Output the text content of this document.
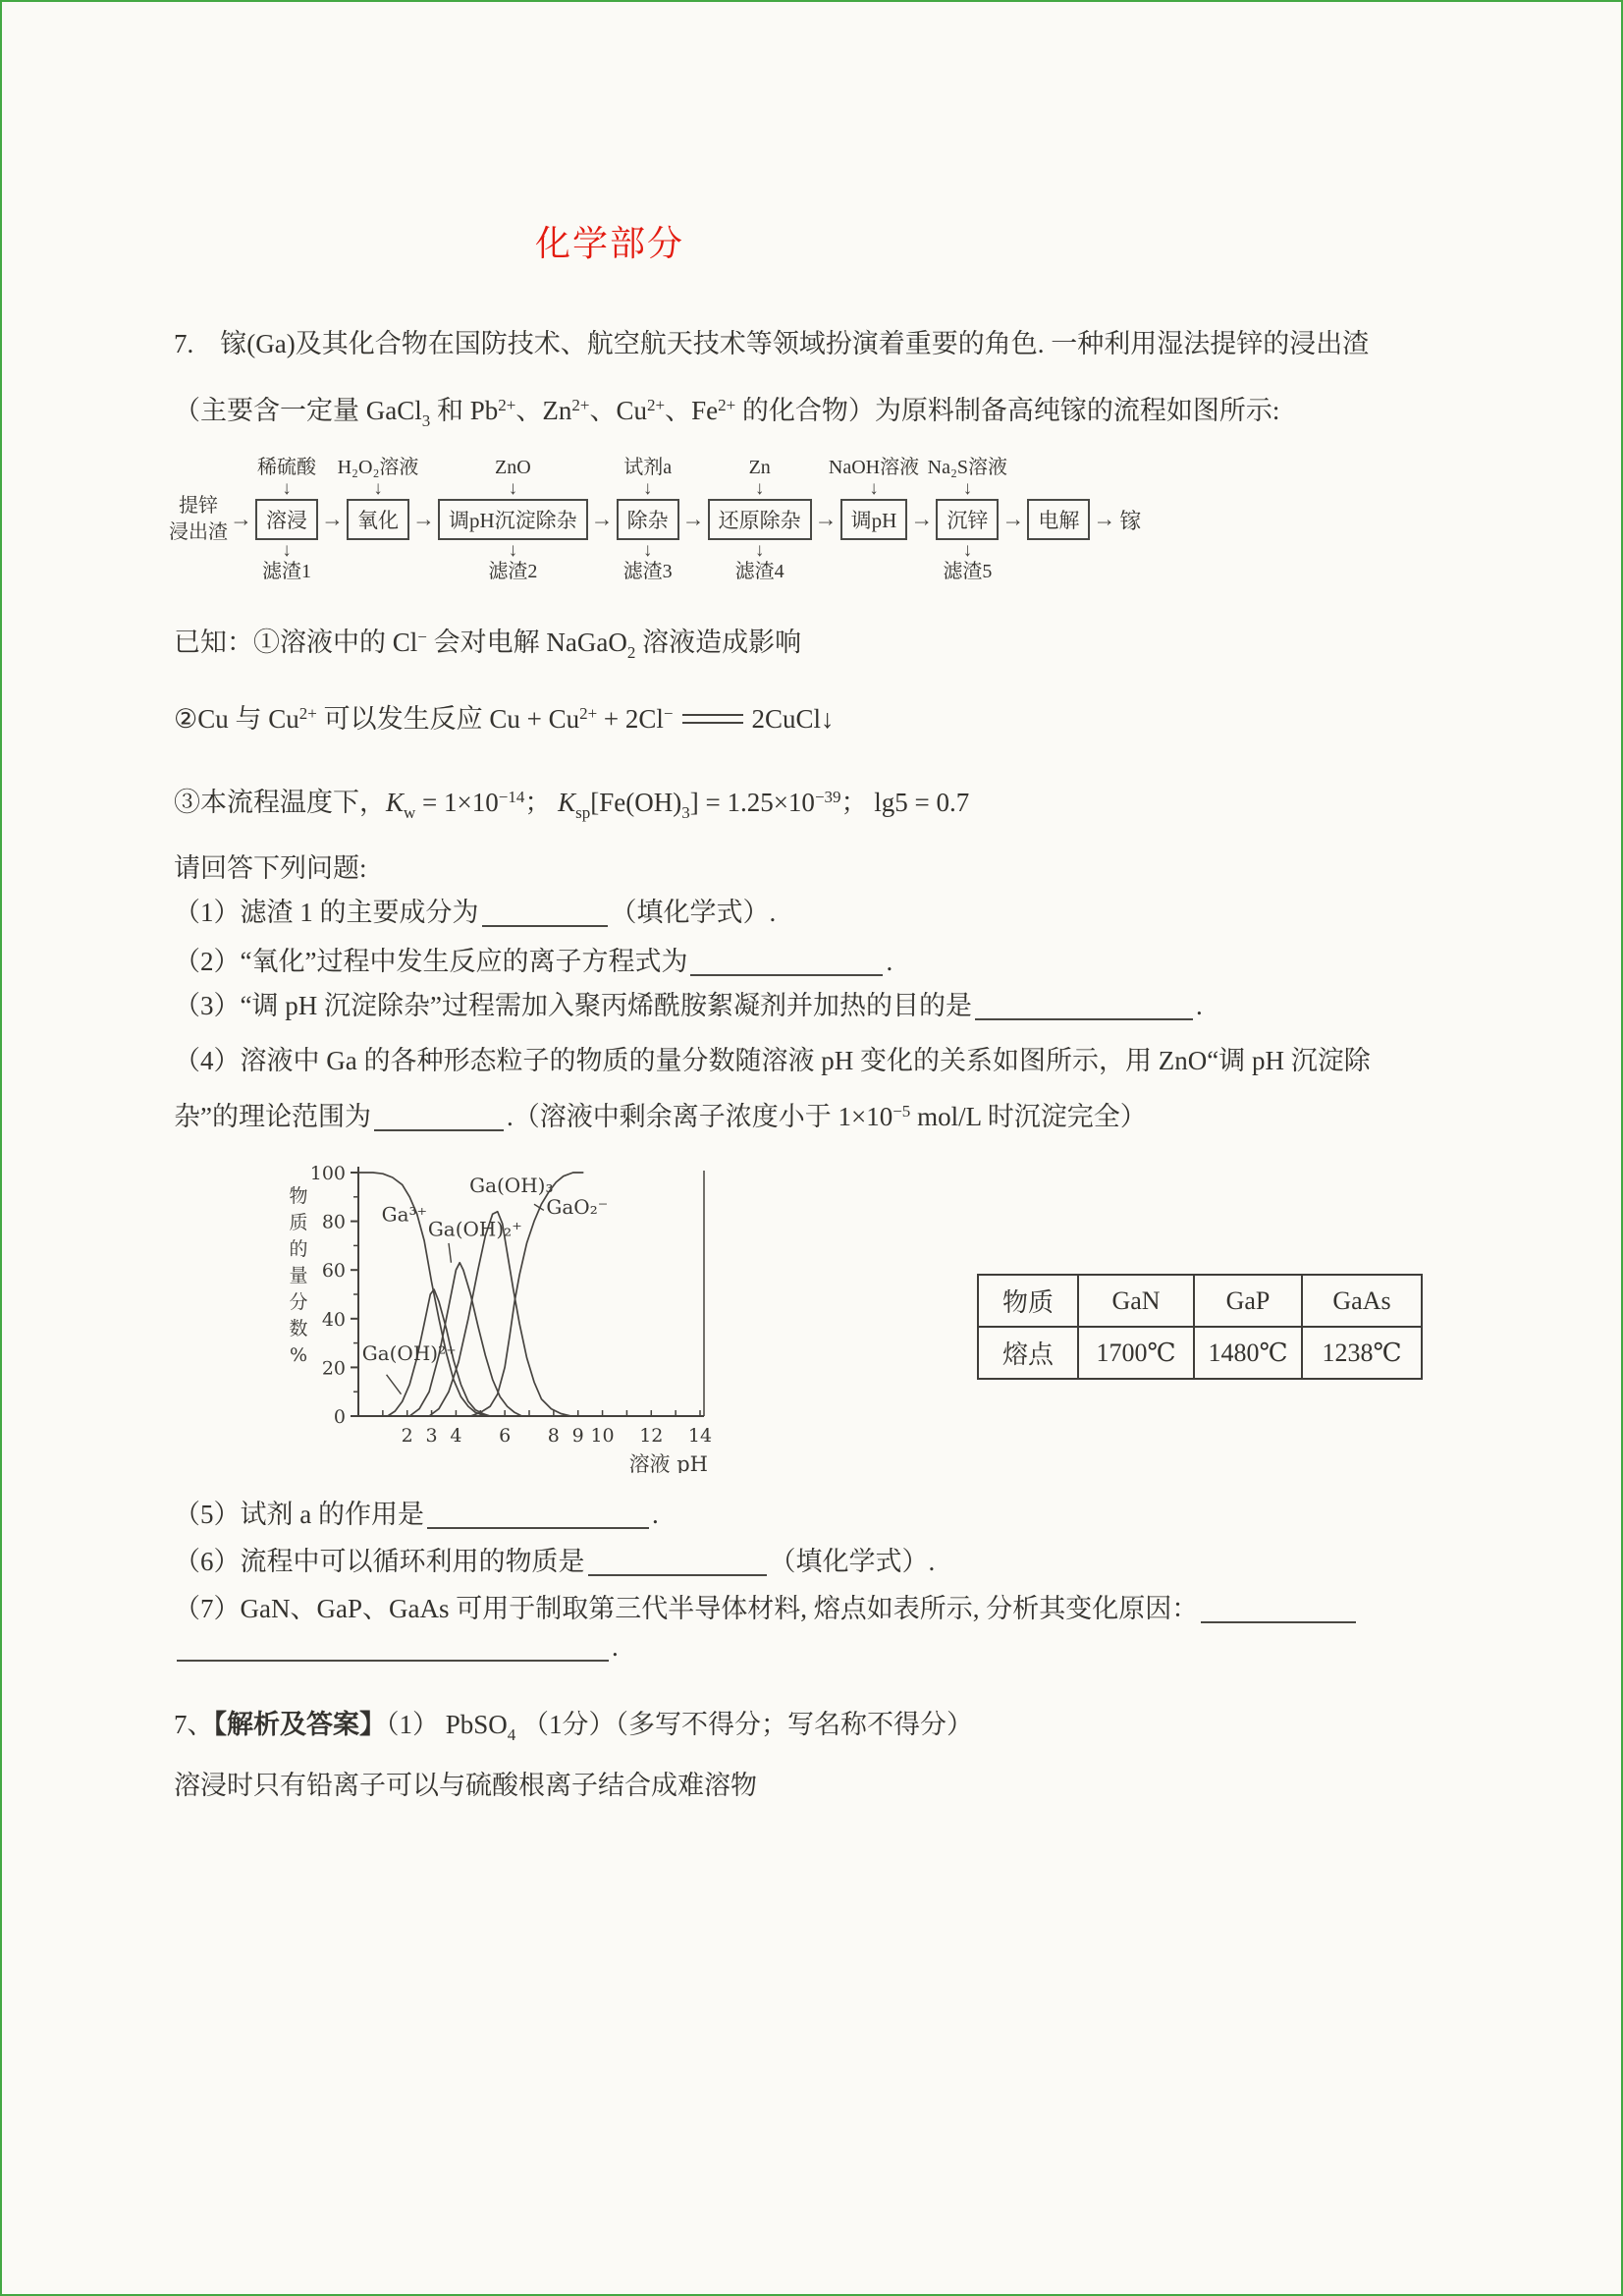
化学部分
7.　镓(Ga)及其化合物在国防技术、航空航天技术等领域扮演着重要的角色. 一种利用湿法提锌的浸出渣（主要含一定量 GaCl$_3$ 和 $Pb^{2+}$、$Zn^{2+}$、$Cu^{2+}$、$Fe^{2+}$ 的化合物）为原料制备高纯镓的流程如图所示:
提锌
浸出渣
→
稀硫酸
↓
溶浸
↓
滤渣1
→
H₂O₂溶液
↓
氧化 →
ZnO
↓
调pH沉淀除杂
↓
滤渣2
→
试剂a
↓
除杂
↓
滤渣3
→
Zn
↓
还原除杂
↓
滤渣4
→
NaOH溶液
↓
调pH →
Na₂S溶液
↓
沉锌
↓
滤渣5
→ 电解 → 镓
已知：①溶液中的 Cl− 会对电解 NaGaO$_2$ 溶液造成影响
②Cu 与 $Cu^{2+}$ 可以发生反应 $Cu + Cu^{2+} + 2Cl^-$	2CuCl↓
③本流程温度下，$K_w = 1\times 10^{-14}$； $K_{sp}[Fe(OH)_3] = 1.25\times 10^{-39}$； lg5 = 0.7
请回答下列问题:
（1）滤渣 1 的主要成分为	（填化学式）.
（2）“氧化”过程中发生反应的离子方程式为	.
（3）“调 pH 沉淀除杂”过程需加入聚丙烯酰胺絮凝剂并加热的目的是	.
（4）溶液中 Ga 的各种形态粒子的物质的量分数随溶液 pH 变化的关系如图所示，用 ZnO“调 pH 沉淀除杂”的理论范围为	.（溶液中剩余离子浓度小于 $1\times 10^{-5}$ mol/L 时沉淀完全）
0
20
40
60
80
100
2 3 4 6 8 9 10 12 14
Ga³⁺
Ga(OH)²⁺
Ga(OH)₂⁺
Ga(OH)₃
GaO₂⁻
溶液 pH
物
质
的
量
分
数
%
物质	GaN	GaP	GaAs
熔点	1700℃	1480℃	1238℃
（5）试剂 a 的作用是	.
（6）流程中可以循环利用的物质是	（填化学式）.
（7）GaN、GaP、GaAs 可用于制取第三代半导体材料, 熔点如表所示, 分析其变化原因：
.
7、【解析及答案】（1） PbSO$_4$ （1分）（多写不得分；写名称不得分）
溶浸时只有铅离子可以与硫酸根离子结合成难溶物
